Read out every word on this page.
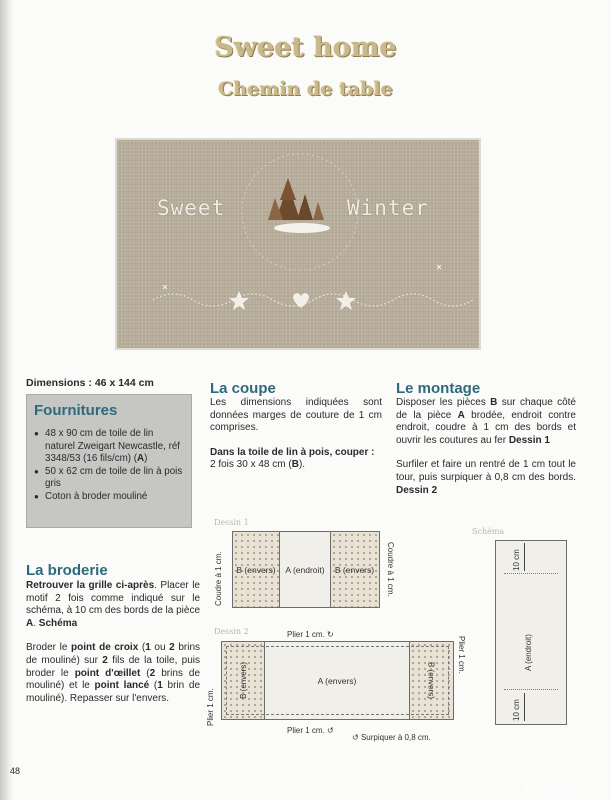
Sweet home
Chemin de table
Sweet	Winter
Dimensions : 46 x 144 cm
Fournitures
● 48 x 90 cm de toile de lin naturel Zweigart Newcastle, réf 3348/53 (16 fils/cm) (A)
● 50 x 62 cm de toile de lin à pois gris
● Coton à broder mouliné
La broderie

Retrouver la grille ci-après. Placer le motif 2 fois comme indiqué sur le schéma, à 10 cm des bords de la pièce A. Schéma

Broder le point de croix (1 ou 2 brins de mouliné) sur 2 fils de la toile, puis broder le point d'œillet (2 brins de mouliné) et le point lancé (1 brin de mouliné). Repasser sur l'envers.

La coupe

Les dimensions indiquées sont données marges de couture de 1 cm comprises.

Dans la toile de lin à pois, couper :
2 fois 30 x 48 cm (B).

Le montage

Disposer les pièces B sur chaque côté de la pièce A brodée, endroit contre endroit, coudre à 1 cm des bords et ouvrir les coutures au fer Dessin 1

Surfiler et faire un rentré de 1 cm tout le tour, puis surpiquer à 0,8 cm des bords. Dessin 2

Dessin 1
B (envers) A (endroit) B (envers)
Coudre à 1 cm.	Coudre à 1 cm.
Dessin 2	Plier 1 cm. ↻
B (envers)	A (envers)	B (envers)
Plier 1 cm.
Plier 1 cm.
Plier 1 cm. ↺
↺ Surpiquer à 0,8 cm.
Schéma
10 cm
A (endroit)
10 cm
48
PassionForum.ru
